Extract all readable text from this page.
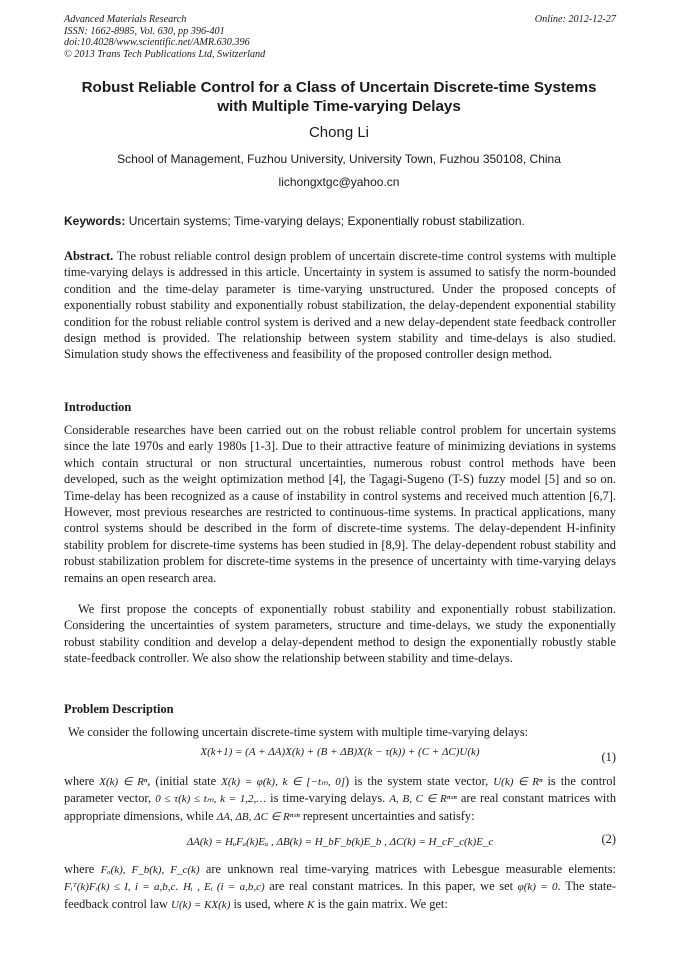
Advanced Materials Research
ISSN: 1662-8985, Vol. 630, pp 396-401
doi:10.4028/www.scientific.net/AMR.630.396
© 2013 Trans Tech Publications Ltd, Switzerland
Online: 2012-12-27
Robust Reliable Control for a Class of Uncertain Discrete-time Systems
with Multiple Time-varying Delays
Chong Li
School of Management, Fuzhou University, University Town, Fuzhou 350108, China
lichongxtgc@yahoo.cn
Keywords: Uncertain systems; Time-varying delays; Exponentially robust stabilization.
Abstract. The robust reliable control design problem of uncertain discrete-time control systems with multiple time-varying delays is addressed in this article. Uncertainty in system is assumed to satisfy the norm-bounded condition and the time-delay parameter is time-varying unstructured. Under the proposed concepts of exponentially robust stability and exponentially robust stabilization, the delay-dependent exponential stability condition for the robust reliable control system is derived and a new delay-dependent state feedback controller design method is provided. The relationship between system stability and time-delays is also studied. Simulation study shows the effectiveness and feasibility of the proposed controller design method.
Introduction
Considerable researches have been carried out on the robust reliable control problem for uncertain systems since the late 1970s and early 1980s [1-3]. Due to their attractive feature of minimizing deviations in systems which contain structural or non structural uncertainties, numerous robust control methods have been developed, such as the weight optimization method [4], the Tagagi-Sugeno (T-S) fuzzy model [5] and so on. Time-delay has been recognized as a cause of instability in control systems and received much attention [6,7]. However, most previous researches are restricted to continuous-time systems. In practical applications, many control systems should be described in the form of discrete-time systems. The delay-dependent H-infinity stability problem for discrete-time systems has been studied in [8,9]. The delay-dependent robust stability and robust stabilization problem for discrete-time systems in the presence of uncertainty with time-varying delays remains an open research area.
We first propose the concepts of exponentially robust stability and exponentially robust stabilization. Considering the uncertainties of system parameters, structure and time-delays, we study the exponentially robust stability condition and develop a delay-dependent method to design the exponentially robustly stable state-feedback controller. We also show the relationship between stability and time-delays.
Problem Description
We consider the following uncertain discrete-time system with multiple time-varying delays:
X(k+1) = (A + ΔA)X(k) + (B + ΔB)X(k − τ(k)) + (C + ΔC)U(k)	(1)
where X(k) ∈ Rⁿ, (initial state X(k) = φ(k), k ∈ [−tₘ, 0]) is the system state vector, U(k) ∈ Rⁿ is the control parameter vector, 0 ≤ τ(k) ≤ tₘ, k = 1,2,… is time-varying delays. A, B, C ∈ Rⁿˣⁿ are real constant matrices with appropriate dimensions, while ΔA, ΔB, ΔC ∈ Rⁿˣⁿ represent uncertainties and satisfy:
ΔA(k) = HₐFₐ(k)Eₐ , ΔB(k) = H_bF_b(k)E_b , ΔC(k) = H_cF_c(k)E_c	(2)
where Fₐ(k), F_b(k), F_c(k) are unknown real time-varying matrices with Lebesgue measurable elements: Fᵢᵀ(k)Fᵢ(k) ≤ I, i = a,b,c. Hᵢ , Eᵢ (i = a,b,c) are real constant matrices. In this paper, we set φ(k) = 0. The state-feedback control law U(k) = KX(k) is used, where K is the gain matrix. We get:
